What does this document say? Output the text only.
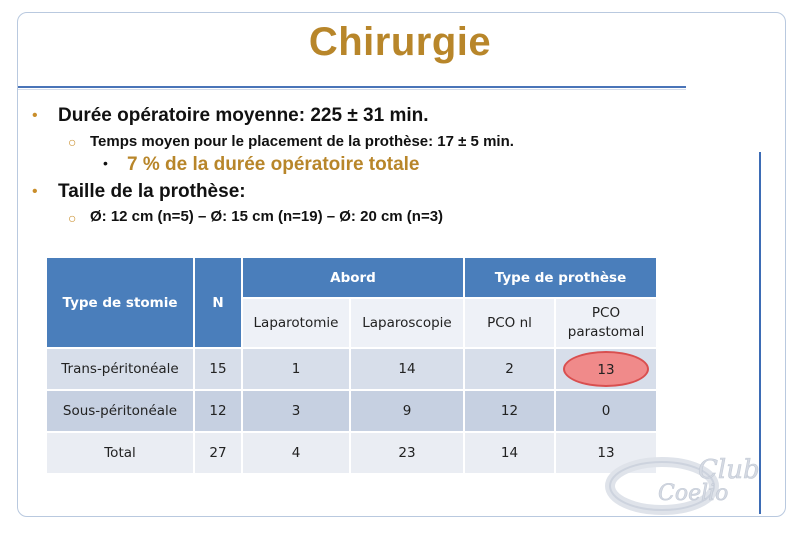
Chirurgie
• Durée opératoire moyenne: 225 ± 31 min.
○ Temps moyen pour le placement de la prothèse: 17 ± 5 min.
• 7 % de la durée opératoire totale
• Taille de la prothèse:
○ Ø: 12 cm (n=5) – Ø: 15 cm (n=19) – Ø: 20 cm (n=3)
Type de stomie	N	Abord		Type de prothèse	
		Laparotomie	Laparoscopie	PCO nl	PCO parastomal
Trans-péritonéale	15	1	14	2	13
Sous-péritonéale	12	3	9	12	0
Total	27	4	23	14	13
Club
Coelio
